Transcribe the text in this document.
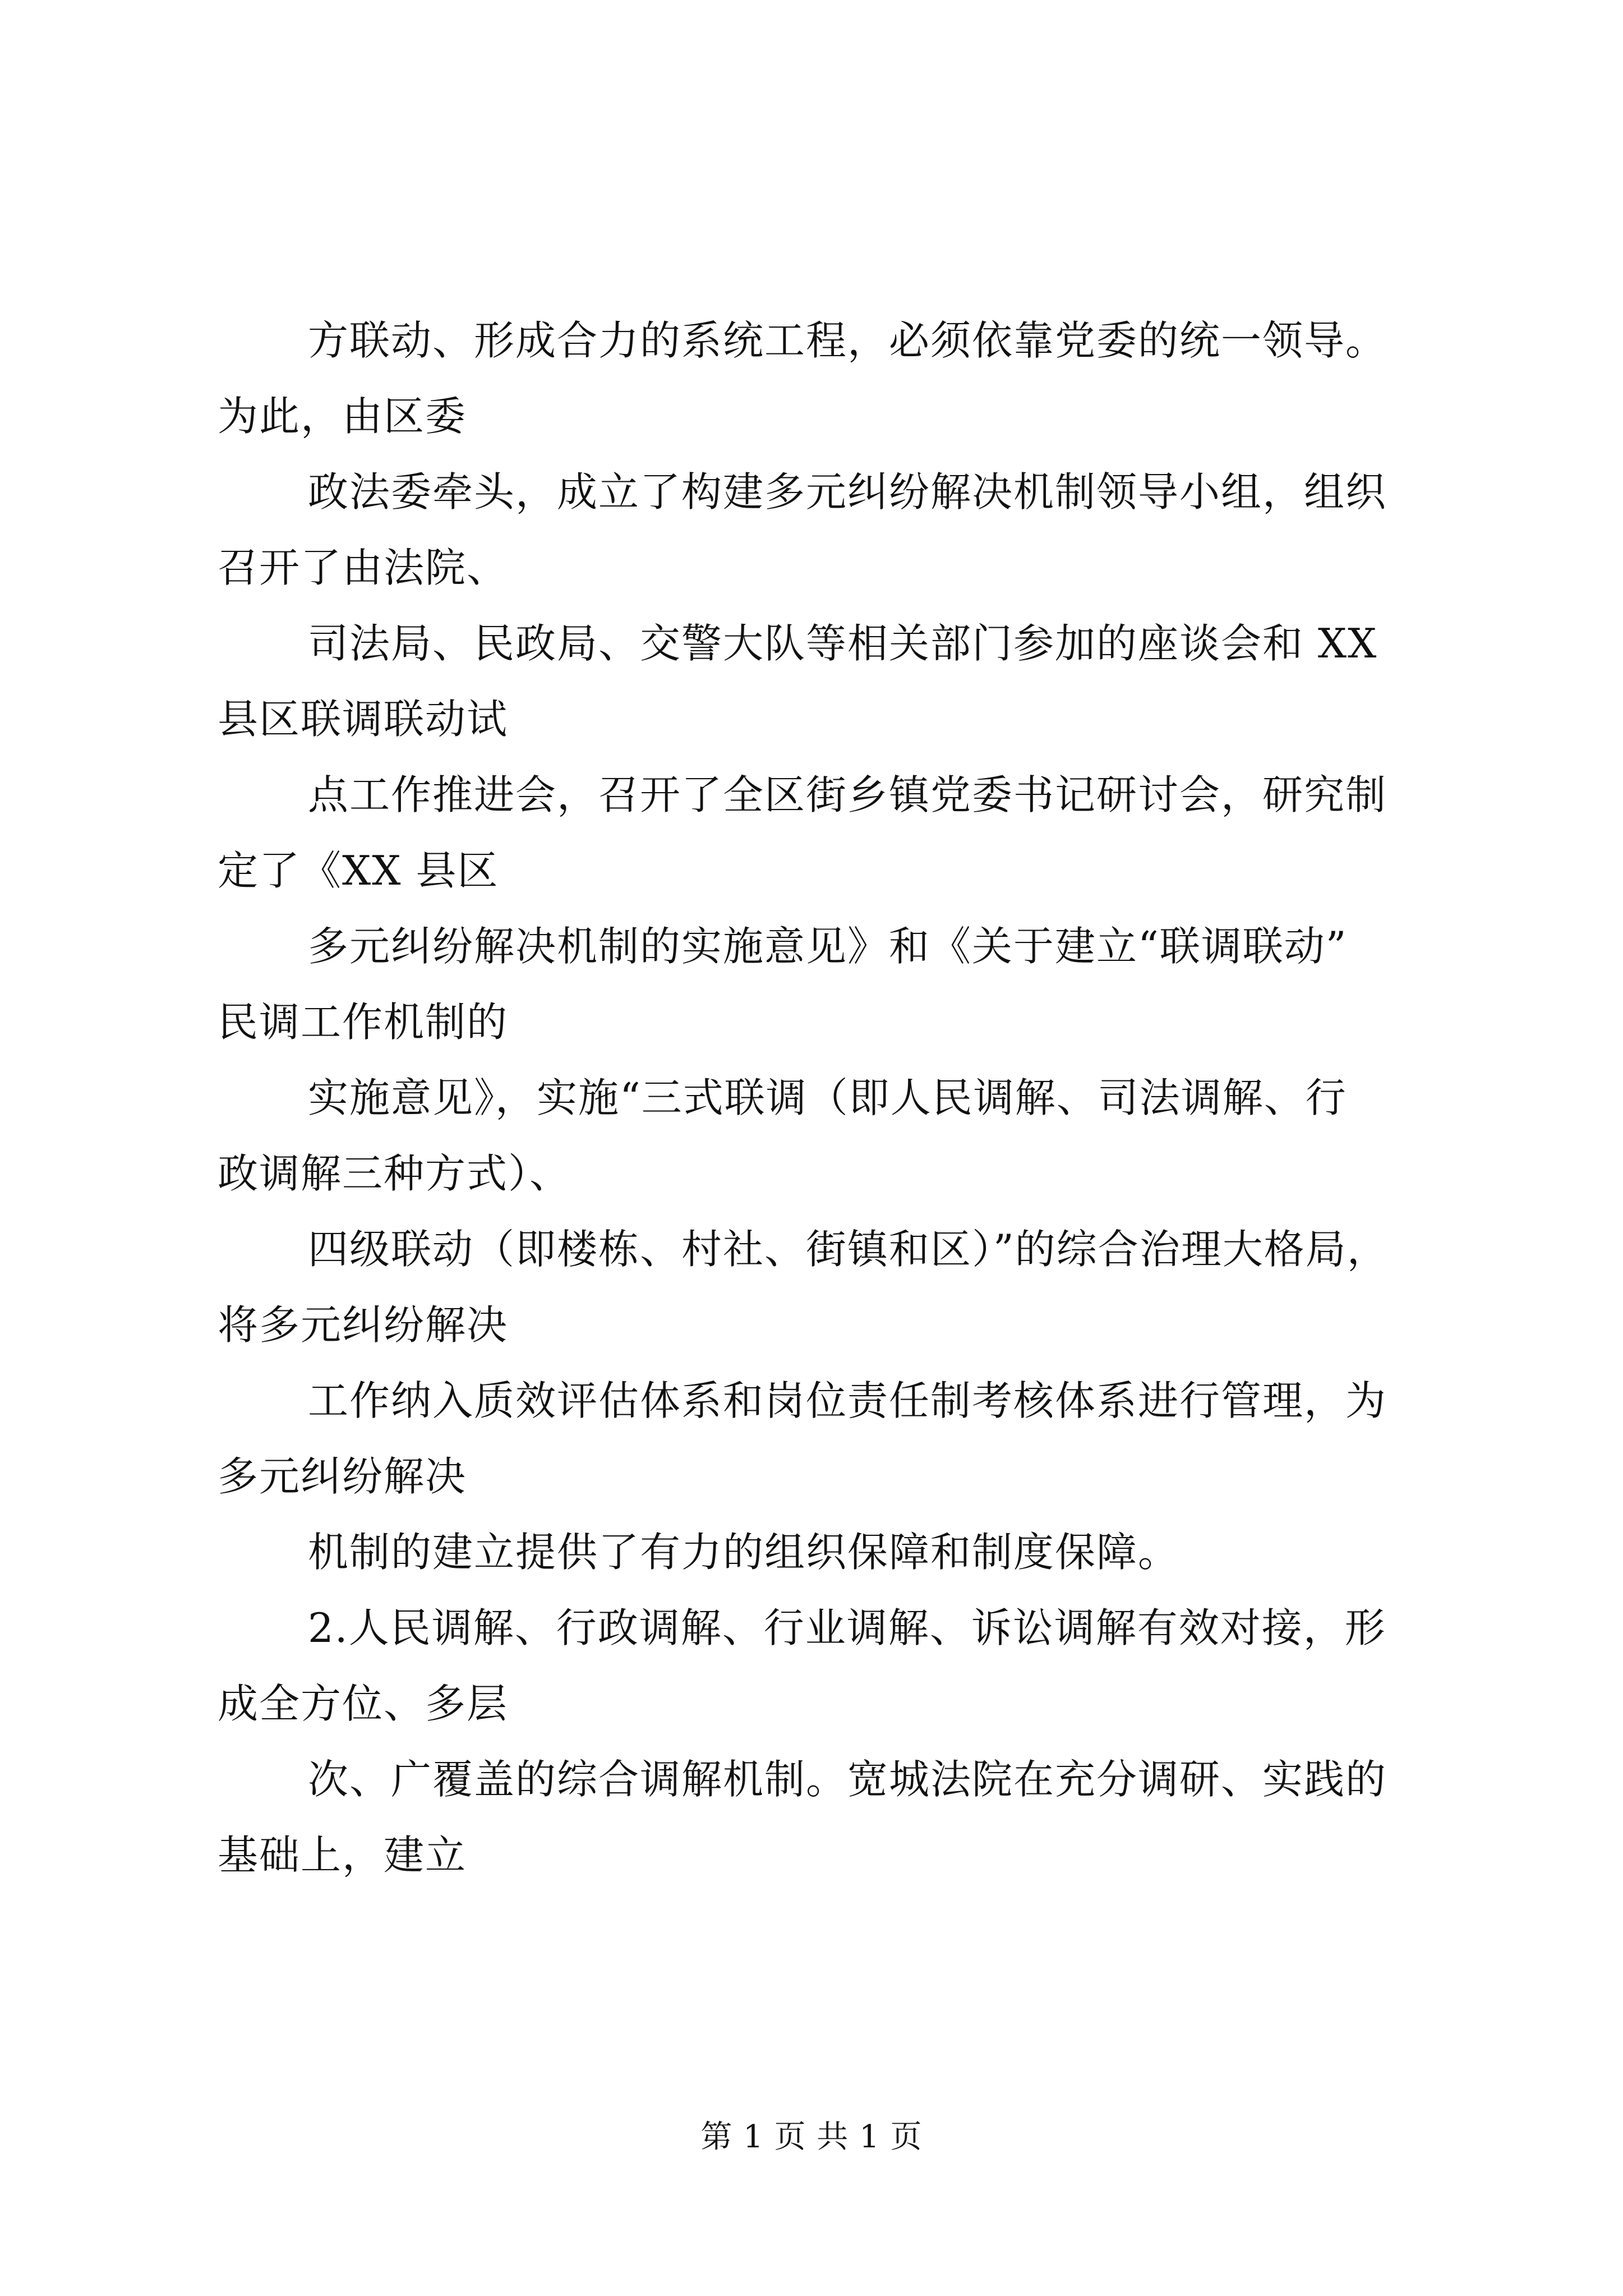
方联动、形成合力的系统工程，必须依靠党委的统一领导。
为此，由区委

政法委牵头，成立了构建多元纠纷解决机制领导小组，组织
召开了由法院、

司法局、民政局、交警大队等相关部门参加的座谈会和 XX
县区联调联动试

点工作推进会，召开了全区街乡镇党委书记研讨会，研究制
定了《XX 县区

多元纠纷解决机制的实施意见》和《关于建立“联调联动”
民调工作机制的

实施意见》，实施“三式联调（即人民调解、司法调解、行
政调解三种方式）、

四级联动（即楼栋、村社、街镇和区）”的综合治理大格局，
将多元纠纷解决

工作纳入质效评估体系和岗位责任制考核体系进行管理，为
多元纠纷解决

机制的建立提供了有力的组织保障和制度保障。

2.人民调解、行政调解、行业调解、诉讼调解有效对接，形
成全方位、多层

次、广覆盖的综合调解机制。宽城法院在充分调研、实践的
基础上，建立

第 1 页 共 1 页
